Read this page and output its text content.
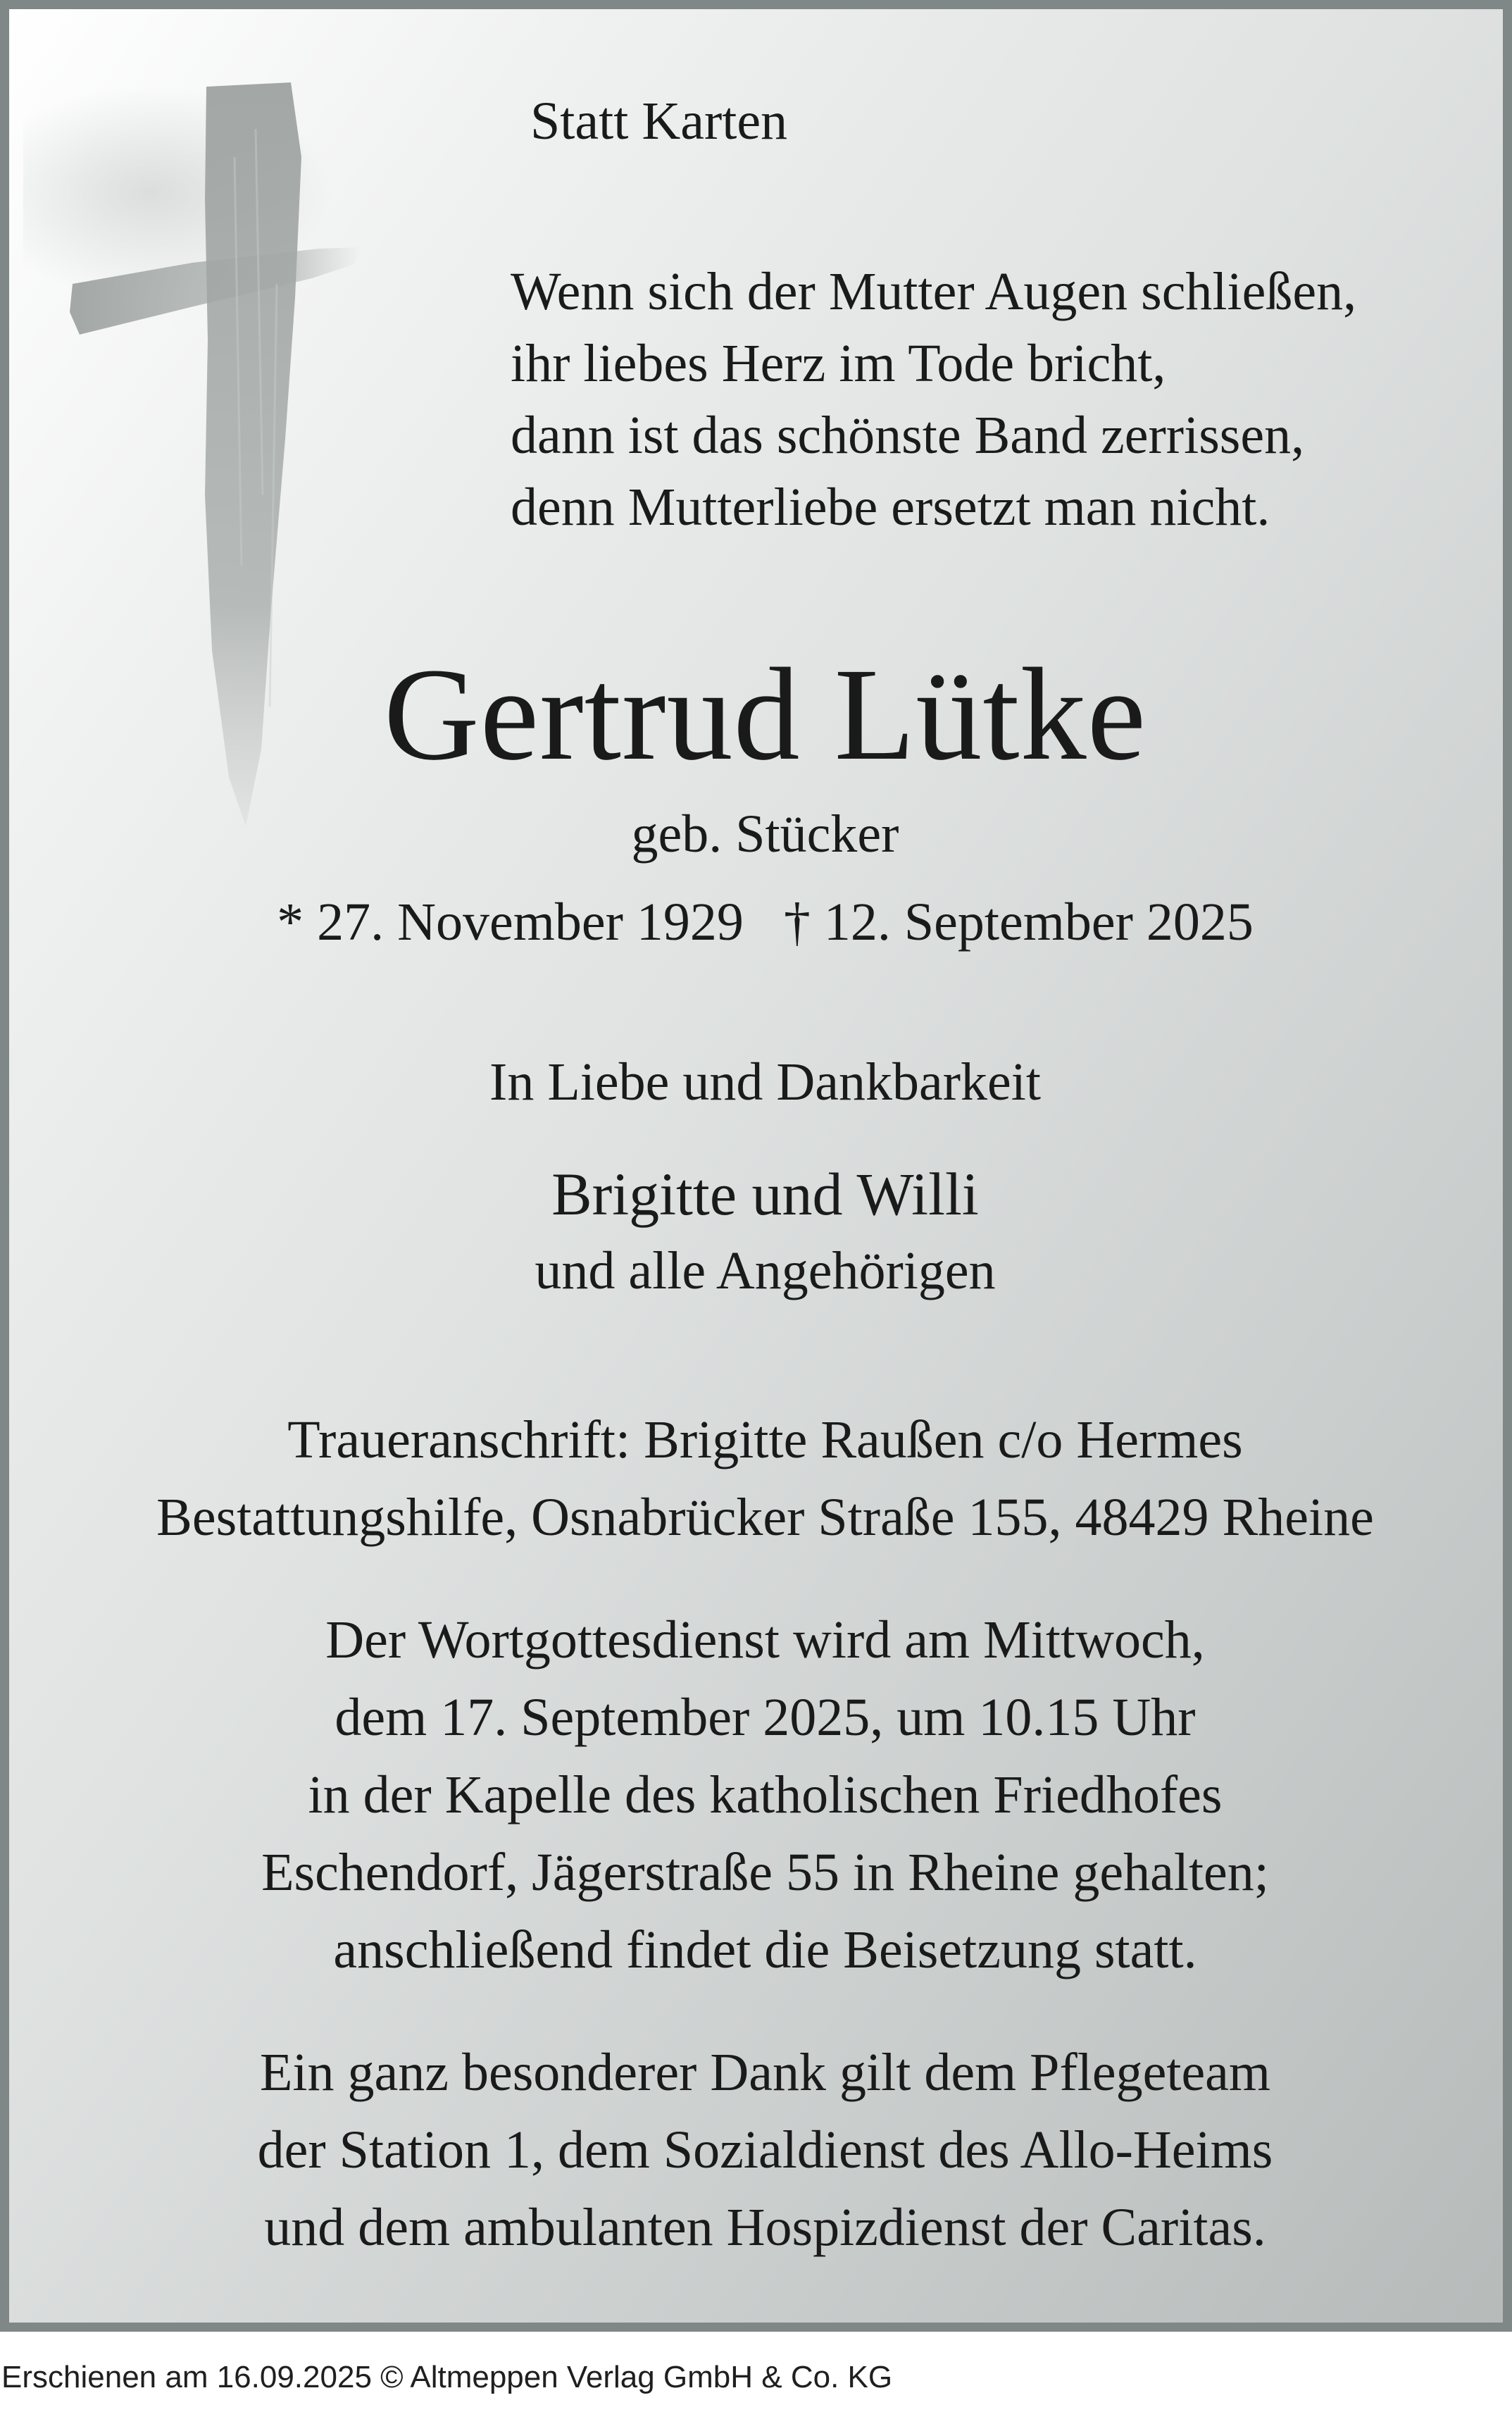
Statt Karten
Wenn sich der Mutter Augen schließen,
ihr liebes Herz im Tode bricht,
dann ist das schönste Band zerrissen,
denn Mutterliebe ersetzt man nicht.
Gertrud Lütke
geb. Stücker
* 27. November 1929   † 12. September 2025
In Liebe und Dankbarkeit
Brigitte und Willi
und alle Angehörigen
Traueranschrift: Brigitte Raußen c/o Hermes
Bestattungshilfe, Osnabrücker Straße 155, 48429 Rheine
Der Wortgottesdienst wird am Mittwoch,
dem 17. September 2025, um 10.15 Uhr
in der Kapelle des katholischen Friedhofes
Eschendorf, Jägerstraße 55 in Rheine gehalten;
anschließend findet die Beisetzung statt.
Ein ganz besonderer Dank gilt dem Pflegeteam
der Station 1, dem Sozialdienst des Allo-Heims
und dem ambulanten Hospizdienst der Caritas.
Erschienen am 16.09.2025 © Altmeppen Verlag GmbH & Co. KG
